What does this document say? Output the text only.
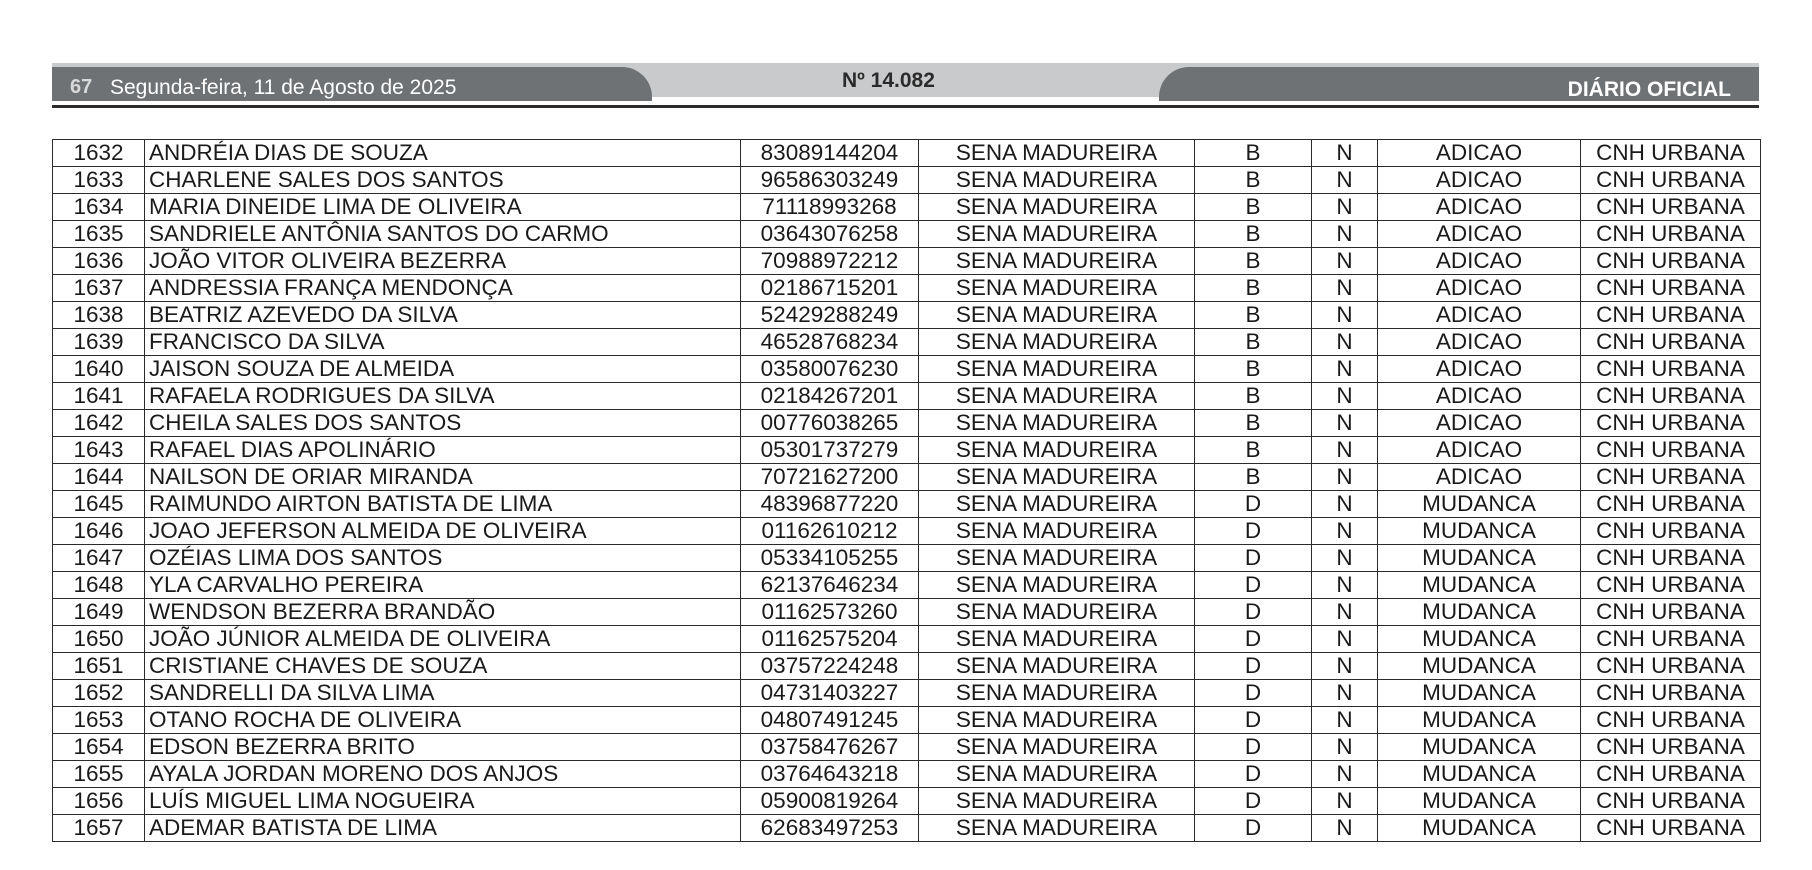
67 Segunda-feira, 11 de Agosto de 2025	Nº 14.082	DIÁRIO OFICIAL
1632	ANDRÉIA DIAS DE SOUZA	83089144204	SENA MADUREIRA	B	N	ADICAO	CNH URBANA
1633	CHARLENE SALES DOS SANTOS	96586303249	SENA MADUREIRA	B	N	ADICAO	CNH URBANA
1634	MARIA DINEIDE LIMA DE OLIVEIRA	71118993268	SENA MADUREIRA	B	N	ADICAO	CNH URBANA
1635	SANDRIELE ANTÔNIA SANTOS DO CARMO	03643076258	SENA MADUREIRA	B	N	ADICAO	CNH URBANA
1636	JOÃO VITOR OLIVEIRA BEZERRA	70988972212	SENA MADUREIRA	B	N	ADICAO	CNH URBANA
1637	ANDRESSIA FRANÇA MENDONÇA	02186715201	SENA MADUREIRA	B	N	ADICAO	CNH URBANA
1638	BEATRIZ AZEVEDO DA SILVA	52429288249	SENA MADUREIRA	B	N	ADICAO	CNH URBANA
1639	FRANCISCO DA SILVA	46528768234	SENA MADUREIRA	B	N	ADICAO	CNH URBANA
1640	JAISON SOUZA DE ALMEIDA	03580076230	SENA MADUREIRA	B	N	ADICAO	CNH URBANA
1641	RAFAELA RODRIGUES DA SILVA	02184267201	SENA MADUREIRA	B	N	ADICAO	CNH URBANA
1642	CHEILA SALES DOS SANTOS	00776038265	SENA MADUREIRA	B	N	ADICAO	CNH URBANA
1643	RAFAEL DIAS APOLINÁRIO	05301737279	SENA MADUREIRA	B	N	ADICAO	CNH URBANA
1644	NAILSON DE ORIAR MIRANDA	70721627200	SENA MADUREIRA	B	N	ADICAO	CNH URBANA
1645	RAIMUNDO AIRTON BATISTA DE LIMA	48396877220	SENA MADUREIRA	D	N	MUDANCA	CNH URBANA
1646	JOAO JEFERSON ALMEIDA DE OLIVEIRA	01162610212	SENA MADUREIRA	D	N	MUDANCA	CNH URBANA
1647	OZÉIAS LIMA DOS SANTOS	05334105255	SENA MADUREIRA	D	N	MUDANCA	CNH URBANA
1648	YLA CARVALHO PEREIRA	62137646234	SENA MADUREIRA	D	N	MUDANCA	CNH URBANA
1649	WENDSON BEZERRA BRANDÃO	01162573260	SENA MADUREIRA	D	N	MUDANCA	CNH URBANA
1650	JOÃO JÚNIOR ALMEIDA DE OLIVEIRA	01162575204	SENA MADUREIRA	D	N	MUDANCA	CNH URBANA
1651	CRISTIANE CHAVES DE SOUZA	03757224248	SENA MADUREIRA	D	N	MUDANCA	CNH URBANA
1652	SANDRELLI DA SILVA LIMA	04731403227	SENA MADUREIRA	D	N	MUDANCA	CNH URBANA
1653	OTANO ROCHA DE OLIVEIRA	04807491245	SENA MADUREIRA	D	N	MUDANCA	CNH URBANA
1654	EDSON BEZERRA BRITO	03758476267	SENA MADUREIRA	D	N	MUDANCA	CNH URBANA
1655	AYALA JORDAN MORENO DOS ANJOS	03764643218	SENA MADUREIRA	D	N	MUDANCA	CNH URBANA
1656	LUÍS MIGUEL LIMA NOGUEIRA	05900819264	SENA MADUREIRA	D	N	MUDANCA	CNH URBANA
1657	ADEMAR BATISTA DE LIMA	62683497253	SENA MADUREIRA	D	N	MUDANCA	CNH URBANA
